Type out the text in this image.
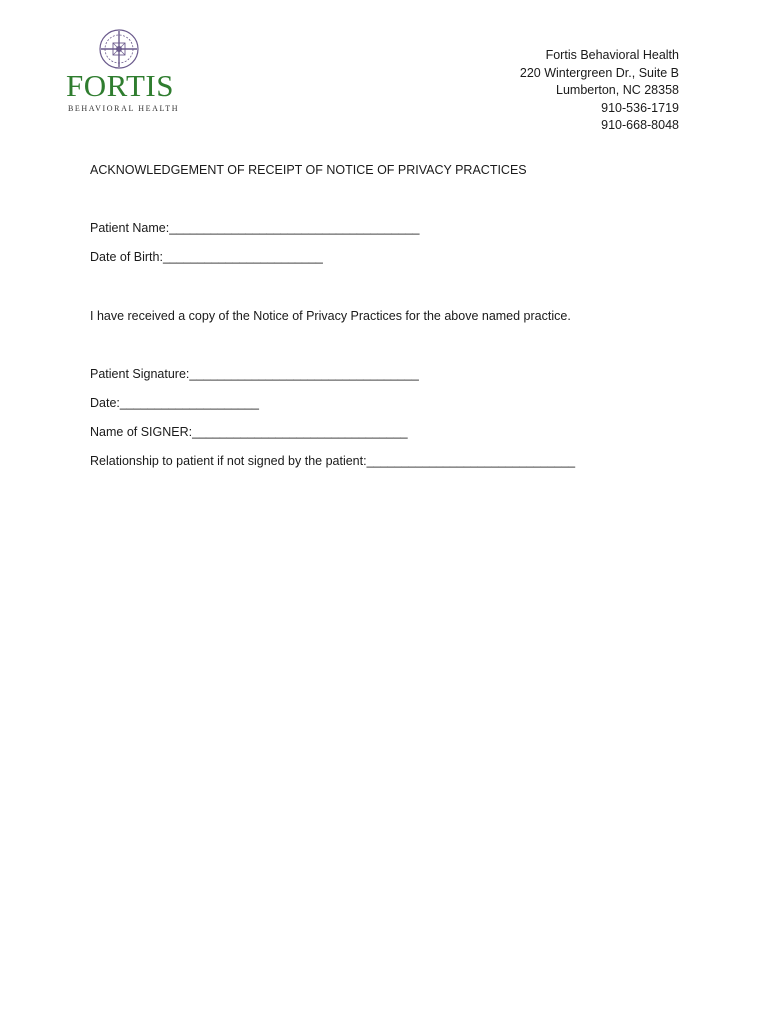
FORTIS
BEHAVIORAL HEALTH
Fortis Behavioral Health
220 Wintergreen Dr., Suite B
Lumberton, NC 28358
910-536-1719
910-668-8048
ACKNOWLEDGEMENT OF RECEIPT OF NOTICE OF PRIVACY PRACTICES
Patient Name:____________________________________
Date of Birth:_______________________
I have received a copy of the Notice of Privacy Practices for the above named practice.
Patient Signature:_________________________________
Date:____________________
Name of SIGNER:_______________________________
Relationship to patient if not signed by the patient:______________________________
